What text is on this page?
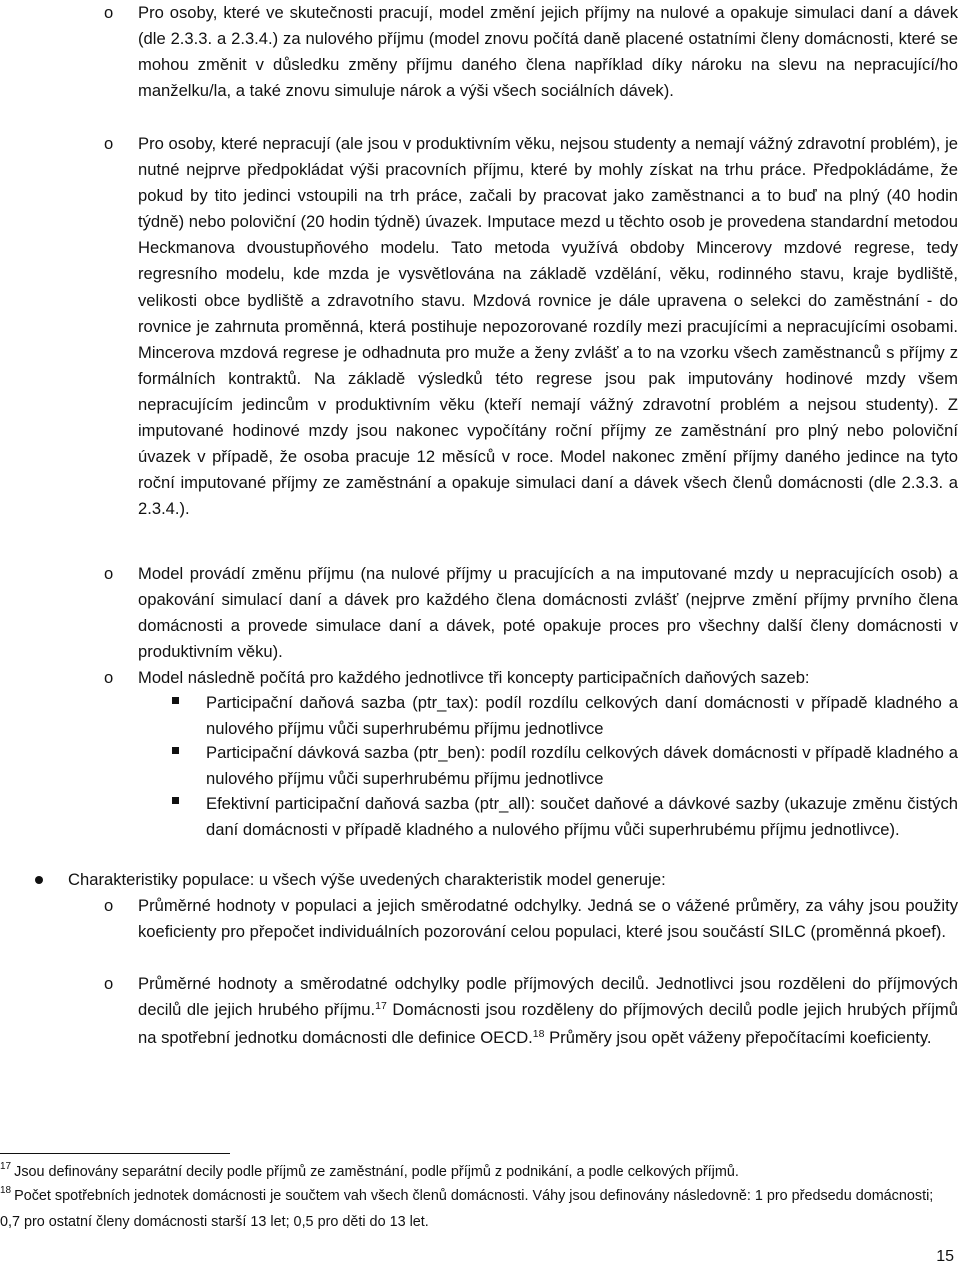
o Pro osoby, které ve skutečnosti pracují, model změní jejich příjmy na nulové a opakuje simulaci daní a dávek (dle 2.3.3. a 2.3.4.) za nulového příjmu (model znovu počítá daně placené ostatními členy domácnosti, které se mohou změnit v důsledku změny příjmu daného člena například díky nároku na slevu na nepracující/ho manželku/la, a také znovu simuluje nárok a výši všech sociálních dávek).
o Pro osoby, které nepracují (ale jsou v produktivním věku, nejsou studenty a nemají vážný zdravotní problém), je nutné nejprve předpokládat výši pracovních příjmu, které by mohly získat na trhu práce. Předpokládáme, že pokud by tito jedinci vstoupili na trh práce, začali by pracovat jako zaměstnanci a to buď na plný (40 hodin týdně) nebo poloviční (20 hodin týdně) úvazek. Imputace mezd u těchto osob je provedena standardní metodou Heckmanova dvoustupňového modelu. Tato metoda využívá obdoby Mincerovy mzdové regrese, tedy regresního modelu, kde mzda je vysvětlována na základě vzdělání, věku, rodinného stavu, kraje bydliště, velikosti obce bydliště a zdravotního stavu. Mzdová rovnice je dále upravena o selekci do zaměstnání - do rovnice je zahrnuta proměnná, která postihuje nepozorované rozdíly mezi pracujícími a nepracujícími osobami. Mincerova mzdová regrese je odhadnuta pro muže a ženy zvlášť a to na vzorku všech zaměstnanců s příjmy z formálních kontraktů. Na základě výsledků této regrese jsou pak imputovány hodinové mzdy všem nepracujícím jedincům v produktivním věku (kteří nemají vážný zdravotní problém a nejsou studenty). Z imputované hodinové mzdy jsou nakonec vypočítány roční příjmy ze zaměstnání pro plný nebo poloviční úvazek v případě, že osoba pracuje 12 měsíců v roce. Model nakonec změní příjmy daného jedince na tyto roční imputované příjmy ze zaměstnání a opakuje simulaci daní a dávek všech členů domácnosti (dle 2.3.3. a 2.3.4.).
o Model provádí změnu příjmu (na nulové příjmy u pracujících a na imputované mzdy u nepracujících osob) a opakování simulací daní a dávek pro každého člena domácnosti zvlášť (nejprve změní příjmy prvního člena domácnosti a provede simulace daní a dávek, poté opakuje proces pro všechny další členy domácnosti v produktivním věku).
o Model následně počítá pro každého jednotlivce tři koncepty participačních daňových sazeb:
Participační daňová sazba (ptr_tax): podíl rozdílu celkových daní domácnosti v případě kladného a nulového příjmu vůči superhrubému příjmu jednotlivce
Participační dávková sazba (ptr_ben): podíl rozdílu celkových dávek domácnosti v případě kladného a nulového příjmu vůči superhrubému příjmu jednotlivce
Efektivní participační daňová sazba (ptr_all): součet daňové a dávkové sazby (ukazuje změnu čistých daní domácnosti v případě kladného a nulového příjmu vůči superhrubému příjmu jednotlivce).
Charakteristiky populace: u všech výše uvedených charakteristik model generuje:
o Průměrné hodnoty v populaci a jejich směrodatné odchylky. Jedná se o vážené průměry, za váhy jsou použity koeficienty pro přepočet individuálních pozorování celou populaci, které jsou součástí SILC (proměnná pkoef).
o Průměrné hodnoty a směrodatné odchylky podle příjmových decilů. Jednotlivci jsou rozděleni do příjmových decilů dle jejich hrubého příjmu.$^{17}$ Domácnosti jsou rozděleny do příjmových decilů podle jejich hrubých příjmů na spotřební jednotku domácnosti dle definice OECD.$^{18}$ Průměry jsou opět váženy přepočítacími koeficienty.
$^{17}$ Jsou definovány separátní decily podle příjmů ze zaměstnání, podle příjmů z podnikání, a podle celkových příjmů.
$^{18}$ Počet spotřebních jednotek domácnosti je součtem vah všech členů domácnosti. Váhy jsou definovány následovně: 1 pro předsedu domácnosti; 0,7 pro ostatní členy domácnosti starší 13 let; 0,5 pro děti do 13 let.
15
